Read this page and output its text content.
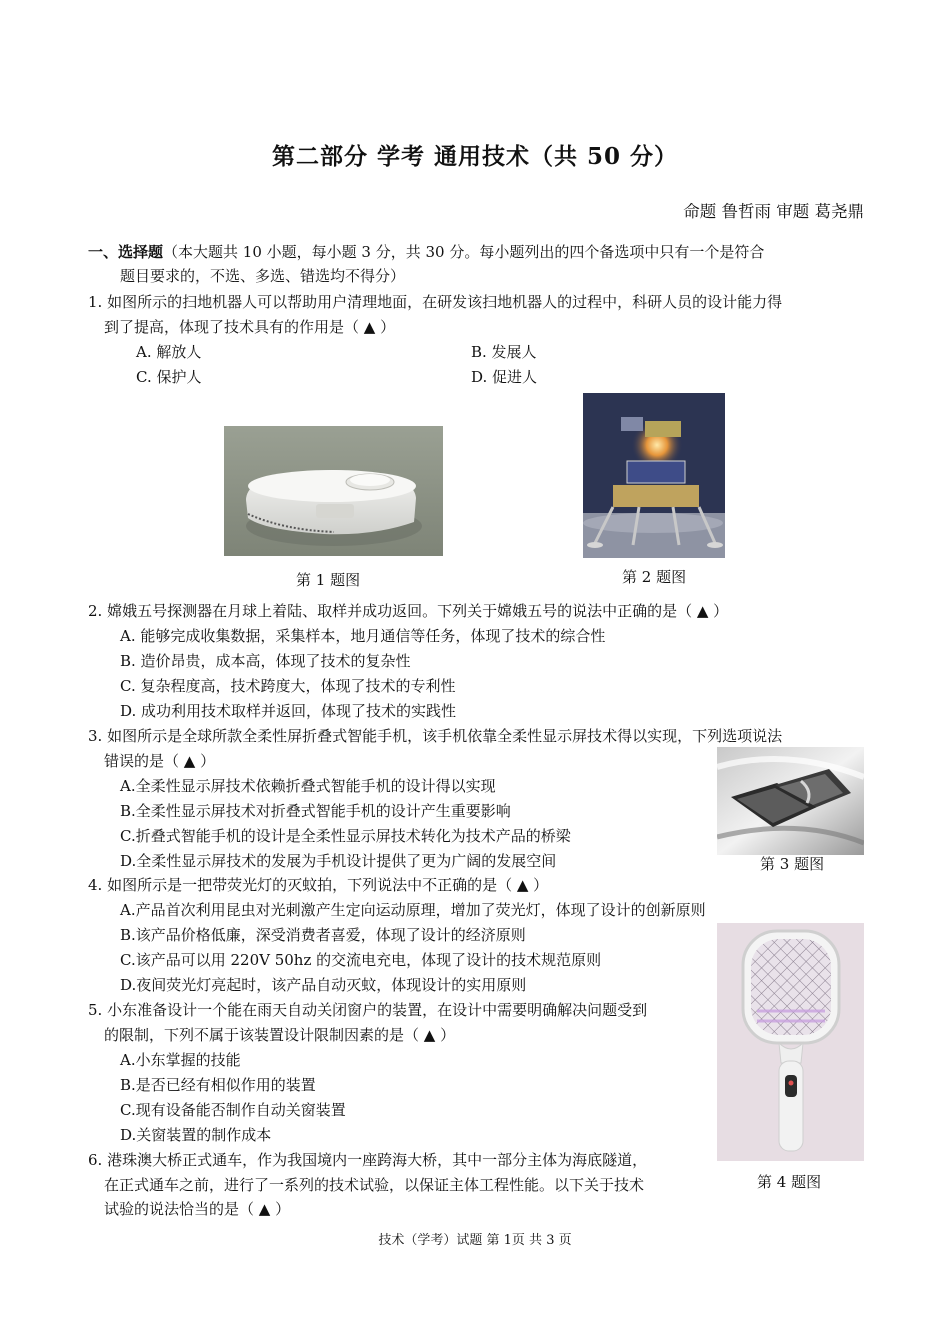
第二部分 学考 通用技术（共 50 分）
命题 鲁哲雨 审题 葛尧鼎
一、选择题（本大题共 10 小题，每小题 3 分，共 30 分。每小题列出的四个备选项中只有一个是符合
题目要求的，不选、多选、错选均不得分）
1. 如图所示的扫地机器人可以帮助用户清理地面，在研发该扫地机器人的过程中，科研人员的设计能力得
到了提高，体现了技术具有的作用是（ ▲ ）
A. 解放人	B. 发展人
C. 保护人	D. 促进人
第 1 题图	第 2 题图
2. 嫦娥五号探测器在月球上着陆、取样并成功返回。下列关于嫦娥五号的说法中正确的是（ ▲ ）
A. 能够完成收集数据，采集样本，地月通信等任务，体现了技术的综合性
B. 造价昂贵，成本高，体现了技术的复杂性
C. 复杂程度高，技术跨度大，体现了技术的专利性
D. 成功利用技术取样并返回，体现了技术的实践性
3. 如图所示是全球所款全柔性屏折叠式智能手机，该手机依靠全柔性显示屏技术得以实现，下列选项说法
错误的是（ ▲ ）
A.全柔性显示屏技术依赖折叠式智能手机的设计得以实现
B.全柔性显示屏技术对折叠式智能手机的设计产生重要影响
C.折叠式智能手机的设计是全柔性显示屏技术转化为技术产品的桥梁
D.全柔性显示屏技术的发展为手机设计提供了更为广阔的发展空间	第 3 题图
4. 如图所示是一把带荧光灯的灭蚊拍，下列说法中不正确的是（ ▲ ）
A.产品首次利用昆虫对光刺激产生定向运动原理，增加了荧光灯，体现了设计的创新原则
B.该产品价格低廉，深受消费者喜爱，体现了设计的经济原则
C.该产品可以用 220V 50hz 的交流电充电，体现了设计的技术规范原则
D.夜间荧光灯亮起时，该产品自动灭蚊，体现设计的实用原则
第 4 题图
5. 小东准备设计一个能在雨天自动关闭窗户的装置，在设计中需要明确解决问题受到
的限制，下列不属于该装置设计限制因素的是（ ▲ ）
A.小东掌握的技能
B.是否已经有相似作用的装置
C.现有设备能否制作自动关窗装置
D.关窗装置的制作成本
6. 港珠澳大桥正式通车，作为我国境内一座跨海大桥，其中一部分主体为海底隧道，
在正式通车之前，进行了一系列的技术试验，以保证主体工程性能。以下关于技术
试验的说法恰当的是（ ▲ ）
技术（学考）试题 第 1页 共 3 页
